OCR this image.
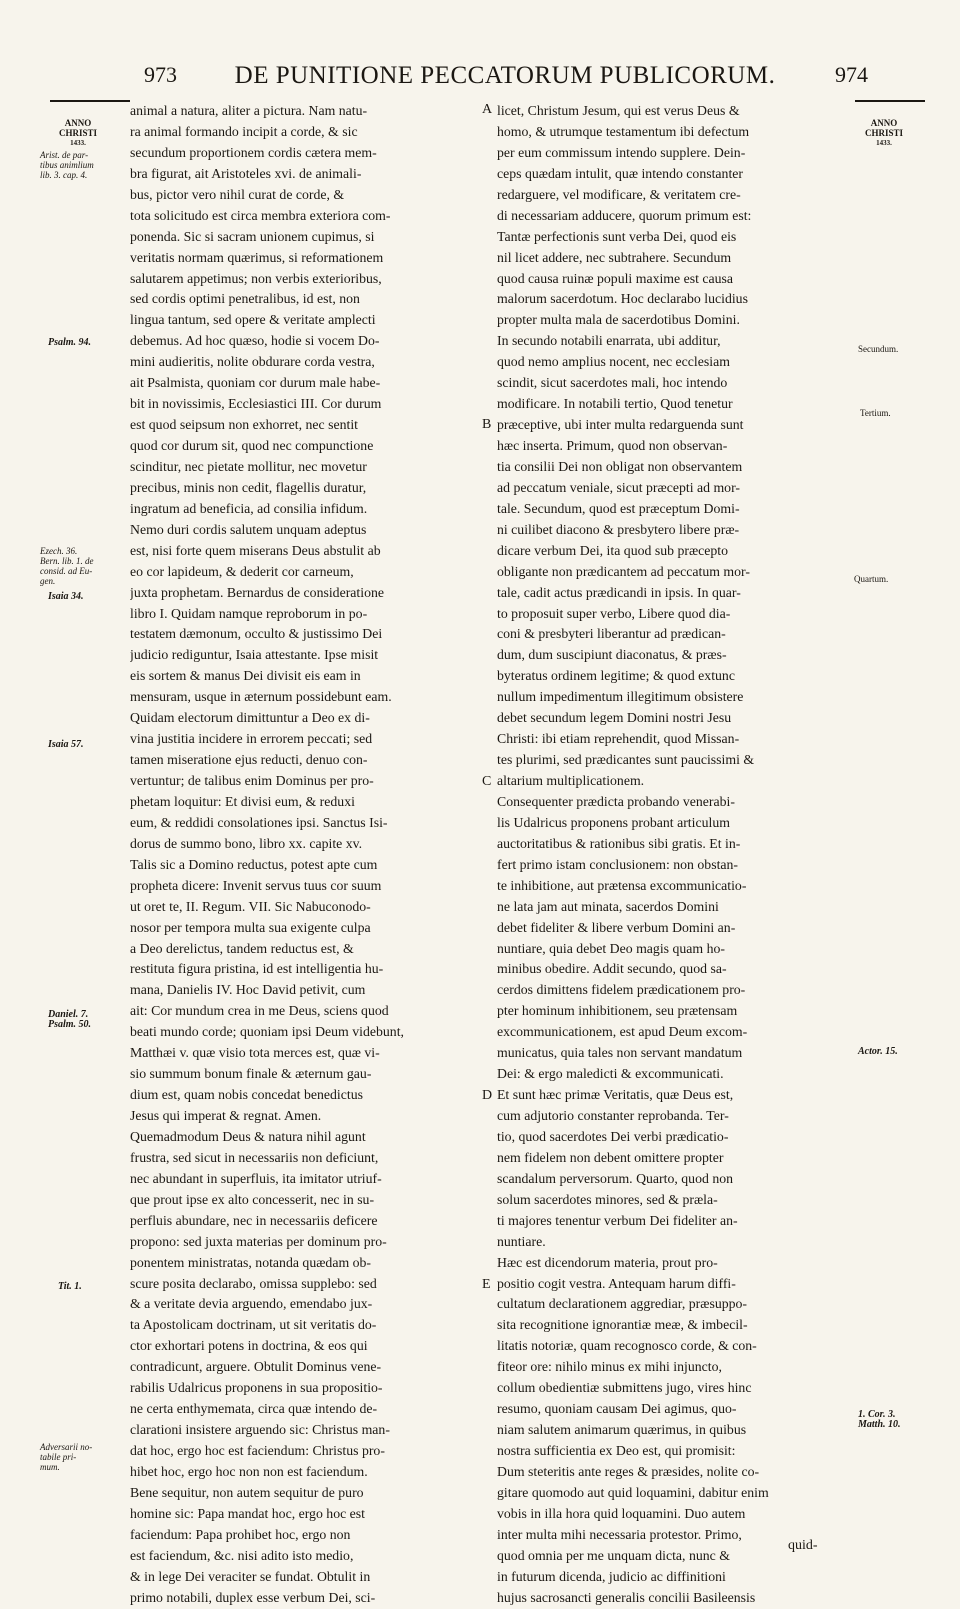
973	DE PUNITIONE PECCATORUM PUBLICORUM.	974
ANNO
CHRISTI
1433.
ANNO
CHRISTI
1433.
animal a natura, aliter a pictura. Nam natu-
ra animal formando incipit a corde, & sic
secundum proportionem cordis cætera mem-
bra figurat, ait Aristoteles xvi. de animali-
bus, pictor vero nihil curat de corde, &
tota solicitudo est circa membra exteriora com-
ponenda. Sic si sacram unionem cupimus, si
veritatis normam quærimus, si reformationem
salutarem appetimus; non verbis exterioribus,
sed cordis optimi penetralibus, id est, non
lingua tantum, sed opere & veritate amplecti
debemus. Ad hoc quæso, hodie si vocem Do-
mini audieritis, nolite obdurare corda vestra,
ait Psalmista, quoniam cor durum male habe-
bit in novissimis, Ecclesiastici III. Cor durum
est quod seipsum non exhorret, nec sentit
quod cor durum sit, quod nec compunctione
scinditur, nec pietate mollitur, nec movetur
precibus, minis non cedit, flagellis duratur,
ingratum ad beneficia, ad consilia infidum.
Nemo duri cordis salutem unquam adeptus
est, nisi forte quem miserans Deus abstulit ab
eo cor lapideum, & dederit cor carneum,
juxta prophetam. Bernardus de consideratione
libro I. Quidam namque reproborum in po-
testatem dæmonum, occulto & justissimo Dei
judicio rediguntur, Isaia attestante. Ipse misit
eis sortem & manus Dei divisit eis eam in
mensuram, usque in æternum possidebunt eam.
Quidam electorum dimittuntur a Deo ex di-
vina justitia incidere in errorem peccati; sed
tamen miseratione ejus reducti, denuo con-
vertuntur; de talibus enim Dominus per pro-
phetam loquitur: Et divisi eum, & reduxi
eum, & reddidi consolationes ipsi. Sanctus Isi-
dorus de summo bono, libro xx. capite xv.
Talis sic a Domino reductus, potest apte cum
propheta dicere: Invenit servus tuus cor suum
ut oret te, II. Regum. VII. Sic Nabuconodo-
nosor per tempora multa sua exigente culpa
a Deo derelictus, tandem reductus est, &
restituta figura pristina, id est intelligentia hu-
mana, Danielis IV. Hoc David petivit, cum
ait: Cor mundum crea in me Deus, sciens quod
beati mundo corde; quoniam ipsi Deum videbunt,
Matthæi v. quæ visio tota merces est, quæ vi-
sio summum bonum finale & æternum gau-
dium est, quam nobis concedat benedictus
Jesus qui imperat & regnat. Amen.
Quemadmodum Deus & natura nihil agunt
frustra, sed sicut in necessariis non deficiunt,
nec abundant in superfluis, ita imitator utriuf-
que prout ipse ex alto concesserit, nec in su-
perfluis abundare, nec in necessariis deficere
propono: sed juxta materias per dominum pro-
ponentem ministratas, notanda quædam ob-
scure posita declarabo, omissa supplebo: sed
& a veritate devia arguendo, emendabo jux-
ta Apostolicam doctrinam, ut sit veritatis do-
ctor exhortari potens in doctrina, & eos qui
contradicunt, arguere. Obtulit Dominus vene-
rabilis Udalricus proponens in sua propositio-
ne certa enthymemata, circa quæ intendo de-
clarationi insistere arguendo sic: Christus man-
dat hoc, ergo hoc est faciendum: Christus pro-
hibet hoc, ergo hoc non non est faciendum.
Bene sequitur, non autem sequitur de puro
homine sic: Papa mandat hoc, ergo hoc est
faciendum: Papa prohibet hoc, ergo non
est faciendum, &c. nisi adito isto medio,
& in lege Dei veraciter se fundat. Obtulit in
primo notabili, duplex esse verbum Dei, sci-
licet, Christum Jesum, qui est verus Deus &
homo, & utrumque testamentum ibi defectum
per eum commissum intendo supplere. Dein-
ceps quædam intulit, quæ intendo constanter
redarguere, vel modificare, & veritatem cre-
di necessariam adducere, quorum primum est:
Tantæ perfectionis sunt verba Dei, quod eis
nil licet addere, nec subtrahere. Secundum
quod causa ruinæ populi maxime est causa
malorum sacerdotum. Hoc declarabo lucidius
propter multa mala de sacerdotibus Domini.
In secundo notabili enarrata, ubi additur,
quod nemo amplius nocent, nec ecclesiam
scindit, sicut sacerdotes mali, hoc intendo
modificare. In notabili tertio, Quod tenetur
præceptive, ubi inter multa redarguenda sunt
hæc inserta. Primum, quod non observan-
tia consilii Dei non obligat non observantem
ad peccatum veniale, sicut præcepti ad mor-
tale. Secundum, quod est præceptum Domi-
ni cuilibet diacono & presbytero libere præ-
dicare verbum Dei, ita quod sub præcepto
obligante non prædicantem ad peccatum mor-
tale, cadit actus prædicandi in ipsis. In quar-
to proposuit super verbo, Libere quod dia-
coni & presbyteri liberantur ad prædican-
dum, dum suscipiunt diaconatus, & præs-
byteratus ordinem legitime; & quod extunc
nullum impedimentum illegitimum obsistere
debet secundum legem Domini nostri Jesu
Christi: ibi etiam reprehendit, quod Missan-
tes plurimi, sed prædicantes sunt paucissimi &
altarium multiplicationem.
Consequenter prædicta probando venerabi-
lis Udalricus proponens probant articulum
auctoritatibus & rationibus sibi gratis. Et in-
fert primo istam conclusionem: non obstan-
te inhibitione, aut prætensa excommunicatio-
ne lata jam aut minata, sacerdos Domini
debet fideliter & libere verbum Domini an-
nuntiare, quia debet Deo magis quam ho-
minibus obedire. Addit secundo, quod sa-
cerdos dimittens fidelem prædicationem pro-
pter hominum inhibitionem, seu prætensam
excommunicationem, est apud Deum excom-
municatus, quia tales non servant mandatum
Dei: & ergo maledicti & excommunicati.
Et sunt hæc primæ Veritatis, quæ Deus est,
cum adjutorio constanter reprobanda. Ter-
tio, quod sacerdotes Dei verbi prædicatio-
nem fidelem non debent omittere propter
scandalum perversorum. Quarto, quod non
solum sacerdotes minores, sed & præla-
ti majores tenentur verbum Dei fideliter an-
nuntiare.
Hæc est dicendorum materia, prout pro-
positio cogit vestra. Antequam harum diffi-
cultatum declarationem aggrediar, præsuppo-
sita recognitione ignorantiæ meæ, & imbecil-
litatis notoriæ, quam recognosco corde, & con-
fiteor ore: nihilo minus ex mihi injuncto,
collum obedientiæ submittens jugo, vires hinc
resumo, quoniam causam Dei agimus, quo-
niam salutem animarum quærimus, in quibus
nostra sufficientia ex Deo est, qui promisit:
Dum steteritis ante reges & præsides, nolite co-
gitare quomodo aut quid loquamini, dabitur enim
vobis in illa hora quid loquamini. Duo autem
inter multa mihi necessaria protestor. Primo,
quod omnia per me unquam dicta, nunc &
in futurum dicenda, judicio ac diffinitioni
hujus sacrosancti generalis concilii Basileensis
A
B
C
D
E
Arist. de par-
tibus animlium
lib. 3. cap. 4.
Psalm. 94.
Ezech. 36.
Bern. lib. 1. de
consid. ad Eu-
gen.
Isaia 34.
Isaia 57.
Daniel. 7.
Psalm. 50.
Tit. 1.
Adversarii no-
tabile pri-
mum.
Secundum.
Tertium.
Quartum.
Actor. 15.
1. Cor. 3.
Matth. 10.
quid-
